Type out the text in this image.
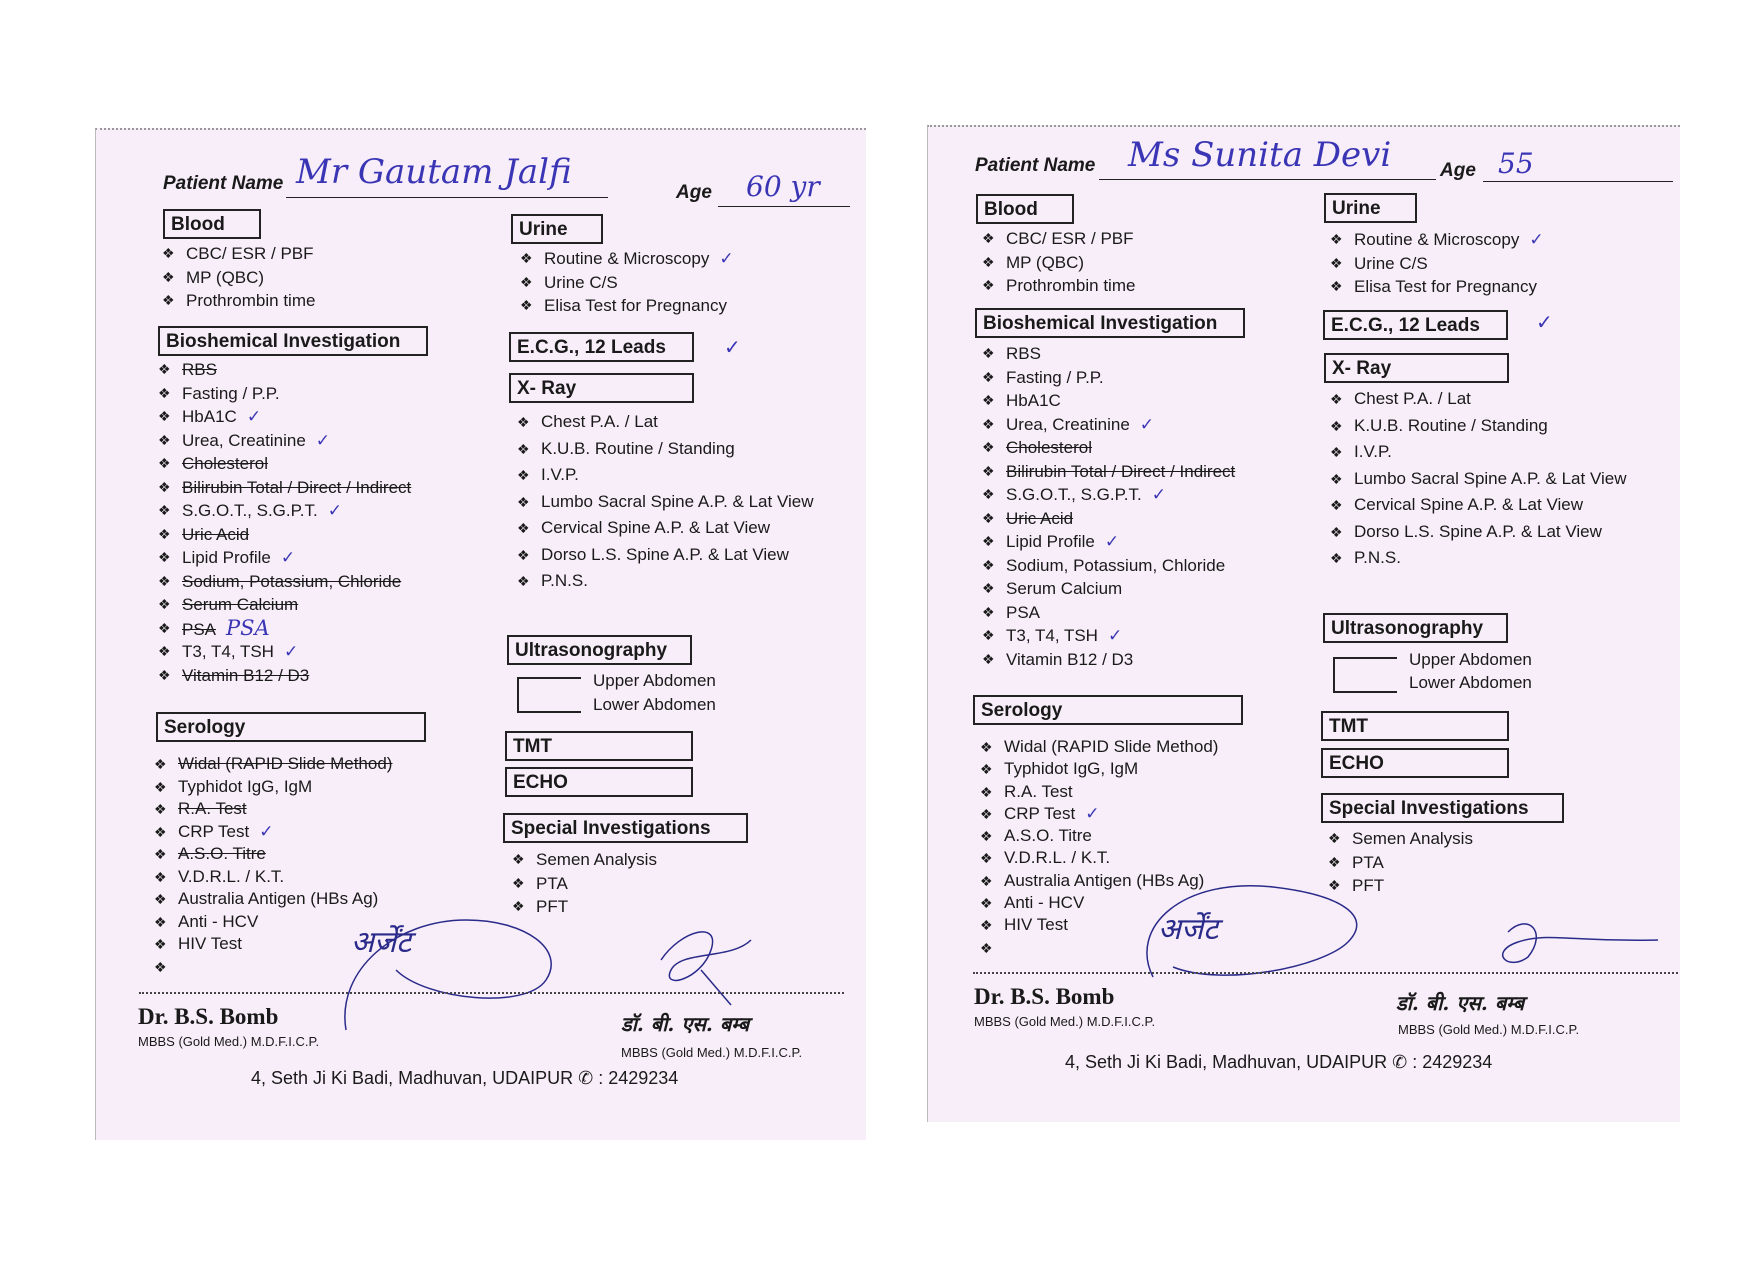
Patient Name Mr Gautam Jalfi
Age 60 yr
Blood
❖ CBC/ ESR / PBF
❖ MP (QBC)
❖ Prothrombin time
Bioshemical Investigation
❖ RBS
❖ Fasting / P.P.
❖ HbA1C ✓
❖ Urea, Creatinine ✓
❖ Cholesterol
❖ Bilirubin Total / Direct / Indirect
❖ S.G.O.T., S.G.P.T. ✓
❖ Uric Acid
❖ Lipid Profile ✓
❖ Sodium, Potassium, Chloride
❖ Serum Calcium
❖ PSA PSA
❖ T3, T4, TSH ✓
❖ Vitamin B12 / D3
Serology
❖ Widal (RAPID Slide Method)
❖ Typhidot IgG, IgM
❖ R.A. Test
❖ CRP Test ✓
❖ A.S.O. Titre
❖ V.D.R.L. / K.T.
❖ Australia Antigen (HBs Ag)
❖ Anti - HCV
❖ HIV Test
❖
Urine
❖ Routine & Microscopy ✓
❖ Urine C/S
❖ Elisa Test for Pregnancy
E.C.G., 12 Leads	✓
X- Ray
❖ Chest P.A. / Lat
❖ K.U.B. Routine / Standing
❖ I.V.P.
❖ Lumbo Sacral Spine A.P. & Lat View
❖ Cervical Spine A.P. & Lat View
❖ Dorso L.S. Spine A.P. & Lat View
❖ P.N.S.
Ultrasonography
Upper Abdomen
Lower Abdomen
TMT
ECHO
Special Investigations
❖ Semen Analysis
❖ PTA
❖ PFT
अर्जेंट
Dr. B.S. Bomb
MBBS (Gold Med.) M.D.F.I.C.P.
डॉ. बी. एस. बम्ब
MBBS (Gold Med.) M.D.F.I.C.P.
4, Seth Ji Ki Badi, Madhuvan, UDAIPUR ✆ : 2429234
Patient Name Ms Sunita Devi	Age 55
Blood
❖ CBC/ ESR / PBF
❖ MP (QBC)
❖ Prothrombin time
Bioshemical Investigation
❖ RBS
❖ Fasting / P.P.
❖ HbA1C
❖ Urea, Creatinine ✓
❖ Cholesterol
❖ Bilirubin Total / Direct / Indirect
❖ S.G.O.T., S.G.P.T. ✓
❖ Uric Acid
❖ Lipid Profile ✓
❖ Sodium, Potassium, Chloride
❖ Serum Calcium
❖ PSA
❖ T3, T4, TSH ✓
❖ Vitamin B12 / D3
Serology
❖ Widal (RAPID Slide Method)
❖ Typhidot IgG, IgM
❖ R.A. Test
❖ CRP Test ✓
❖ A.S.O. Titre
❖ V.D.R.L. / K.T.
❖ Australia Antigen (HBs Ag)
❖ Anti - HCV
❖ HIV Test
❖
Urine
❖ Routine & Microscopy ✓
❖ Urine C/S
❖ Elisa Test for Pregnancy
E.C.G., 12 Leads	✓
X- Ray
❖ Chest P.A. / Lat
❖ K.U.B. Routine / Standing
❖ I.V.P.
❖ Lumbo Sacral Spine A.P. & Lat View
❖ Cervical Spine A.P. & Lat View
❖ Dorso L.S. Spine A.P. & Lat View
❖ P.N.S.
Ultrasonography
Upper Abdomen
Lower Abdomen
TMT
ECHO
Special Investigations
❖ Semen Analysis
❖ PTA
❖ PFT
अर्जेंट
Dr. B.S. Bomb
MBBS (Gold Med.) M.D.F.I.C.P.
डॉ. बी. एस. बम्ब
MBBS (Gold Med.) M.D.F.I.C.P.
4, Seth Ji Ki Badi, Madhuvan, UDAIPUR ✆ : 2429234
